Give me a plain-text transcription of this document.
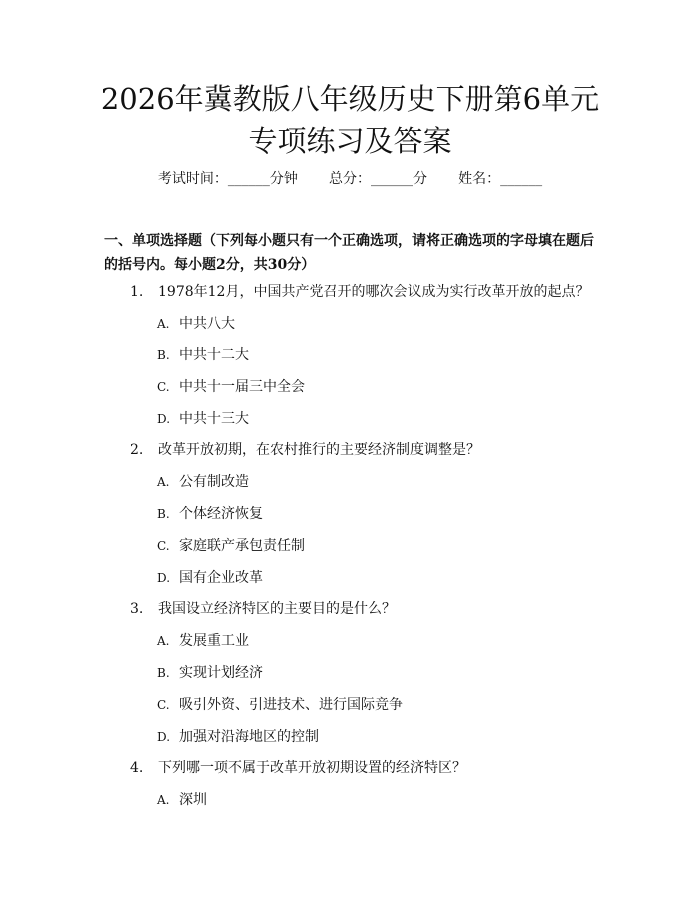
2026年冀教版八年级历史下册第6单元专项练习及答案
考试时间：______分钟 总分：______分 姓名：______

一、单项选择题（下列每小题只有一个正确选项，请将正确选项的字母填在题后的括号内。每小题2分，共30分）

1. 1978年12月，中国共产党召开的哪次会议成为实行改革开放的起点？
A. 中共八大
B. 中共十二大
C. 中共十一届三中全会
D. 中共十三大
2. 改革开放初期，在农村推行的主要经济制度调整是？
A. 公有制改造
B. 个体经济恢复
C. 家庭联产承包责任制
D. 国有企业改革
3. 我国设立经济特区的主要目的是什么？
A. 发展重工业
B. 实现计划经济
C. 吸引外资、引进技术、进行国际竞争
D. 加强对沿海地区的控制
4. 下列哪一项不属于改革开放初期设置的经济特区？
A. 深圳
